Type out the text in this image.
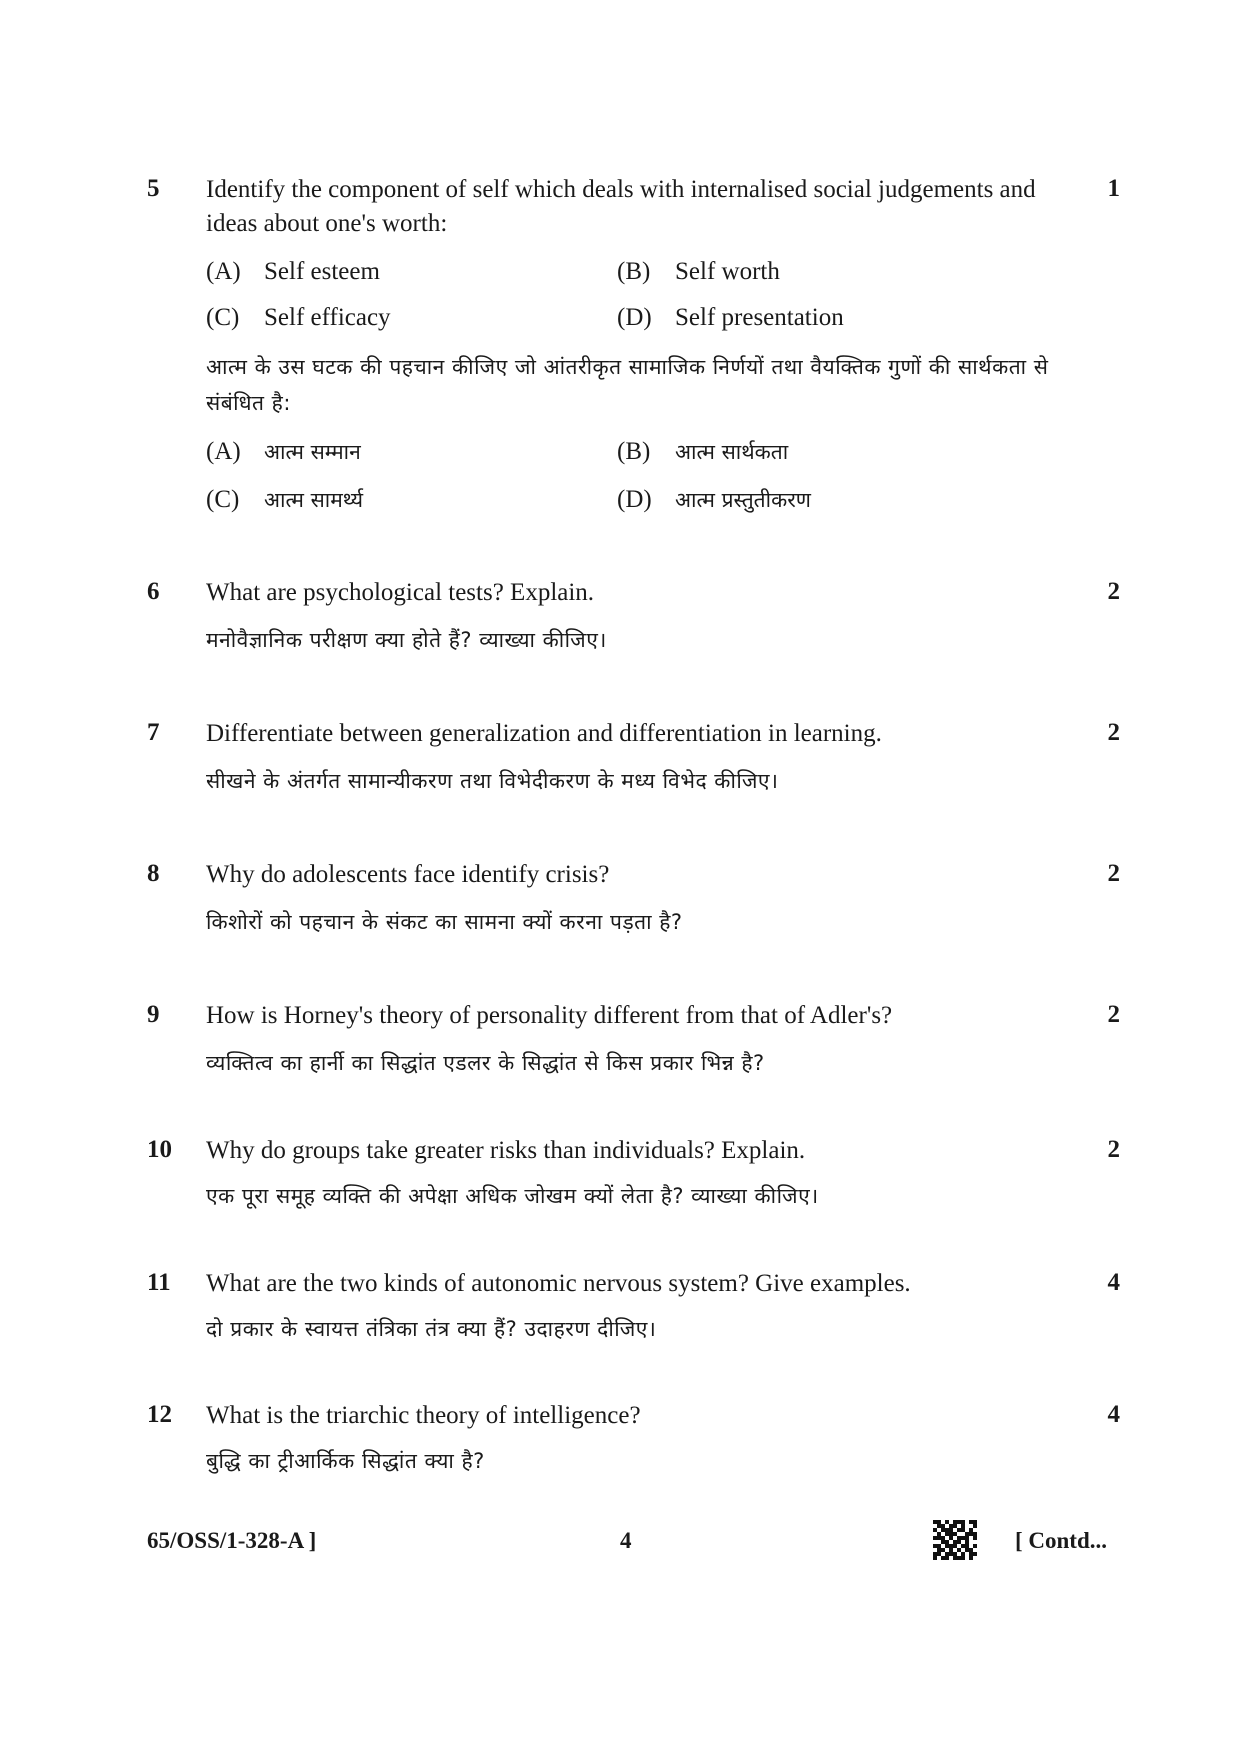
5 Identify the component of self which deals with internalised social judgements and ideas about one's worth:
1
(A) Self esteem	(B) Self worth
(C) Self efficacy	(D) Self presentation
आत्म के उस घटक की पहचान कीजिए जो आंतरीकृत सामाजिक निर्णयों तथा वैयक्तिक गुणों की सार्थकता से संबंधित है:
(A) आत्म सम्मान	(B) आत्म सार्थकता
(C) आत्म सामर्थ्य	(D) आत्म प्रस्तुतीकरण
6 What are psychological tests? Explain.	2
मनोवैज्ञानिक परीक्षण क्या होते हैं? व्याख्या कीजिए।
7 Differentiate between generalization and differentiation in learning.	2
सीखने के अंतर्गत सामान्यीकरण तथा विभेदीकरण के मध्य विभेद कीजिए।
8 Why do adolescents face identify crisis?	2
किशोरों को पहचान के संकट का सामना क्यों करना पड़ता है?
9 How is Horney's theory of personality different from that of Adler's?	2
व्यक्तित्व का हार्नी का सिद्धांत एडलर के सिद्धांत से किस प्रकार भिन्न है?
10 Why do groups take greater risks than individuals? Explain.	2
एक पूरा समूह व्यक्ति की अपेक्षा अधिक जोखम क्यों लेता है? व्याख्या कीजिए।
11 What are the two kinds of autonomic nervous system? Give examples.	4
दो प्रकार के स्वायत्त तंत्रिका तंत्र क्या हैं? उदाहरण दीजिए।
12 What is the triarchic theory of intelligence?	4
बुद्धि का ट्रीआर्किक सिद्धांत क्या है?
65/OSS/1-328-A ]	4	[ Contd...
